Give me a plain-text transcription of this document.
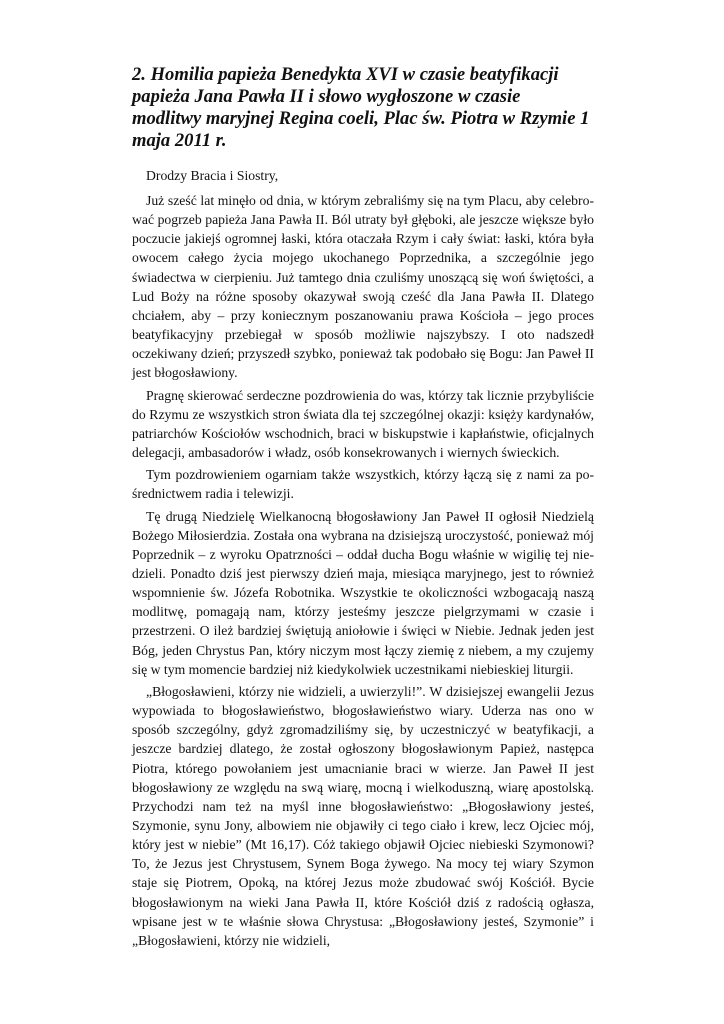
2. Homilia papieża Benedykta XVI w czasie beatyfikacji papieża Jana Pawła II i słowo wygłoszone w czasie modlitwy maryjnej Regina coeli, Plac św. Piotra w Rzymie 1 maja 2011 r.

Drodzy Bracia i Siostry,

Już sześć lat minęło od dnia, w którym zebraliśmy się na tym Placu, aby celebrować pogrzeb papieża Jana Pawła II. Ból utraty był głęboki, ale jeszcze większe było poczucie jakiejś ogromnej łaski, która otaczała Rzym i cały świat: łaski, która była owocem całego życia mojego ukochanego Poprzednika, a szczególnie jego świadectwa w cierpieniu. Już tamtego dnia czuliśmy unoszącą się woń świętości, a Lud Boży na różne sposoby okazywał swoją cześć dla Jana Pawła II. Dlatego chciałem, aby – przy koniecznym poszanowaniu prawa Kościoła – jego proces beatyfikacyjny przebiegał w sposób możliwie najszybszy. I oto nadszedł oczekiwany dzień; przyszedł szybko, ponieważ tak podobało się Bogu: Jan Paweł II jest błogosławiony.

Pragnę skierować serdeczne pozdrowienia do was, którzy tak licznie przybyliście do Rzymu ze wszystkich stron świata dla tej szczególnej okazji: księży kardynałów, patriarchów Kościołów wschodnich, braci w biskupstwie i kapłaństwie, oficjalnych delegacji, ambasadorów i władz, osób konsekrowanych i wiernych świeckich.

Tym pozdrowieniem ogarniam także wszystkich, którzy łączą się z nami za pośrednictwem radia i telewizji.

Tę drugą Niedzielę Wielkanocną błogosławiony Jan Paweł II ogłosił Niedzielą Bożego Miłosierdzia. Została ona wybrana na dzisiejszą uroczystość, ponieważ mój Poprzednik – z wyroku Opatrzności – oddał ducha Bogu właśnie w wigilię tej niedzieli. Ponadto dziś jest pierwszy dzień maja, miesiąca maryjnego, jest to również wspomnienie św. Józefa Robotnika. Wszystkie te okoliczności wzbogacają naszą modlitwę, pomagają nam, którzy jesteśmy jeszcze pielgrzymami w czasie i przestrzeni. O ileż bardziej świętują aniołowie i święci w Niebie. Jednak jeden jest Bóg, jeden Chrystus Pan, który niczym most łączy ziemię z niebem, a my czujemy się w tym momencie bardziej niż kiedykolwiek uczestnikami niebieskiej liturgii.

„Błogosławieni, którzy nie widzieli, a uwierzyli!”. W dzisiejszej ewangelii Jezus wypowiada to błogosławieństwo, błogosławieństwo wiary. Uderza nas ono w sposób szczególny, gdyż zgromadziliśmy się, by uczestniczyć w beatyfikacji, a jeszcze bardziej dlatego, że został ogłoszony błogosławionym Papież, następca Piotra, którego powołaniem jest umacnianie braci w wierze. Jan Paweł II jest błogosławiony ze względu na swą wiarę, mocną i wielkoduszną, wiarę apostolską. Przychodzi nam też na myśl inne błogosławieństwo: „Błogosławiony jesteś, Szymonie, synu Jony, albowiem nie objawiły ci tego ciało i krew, lecz Ojciec mój, który jest w niebie” (Mt 16,17). Cóż takiego objawił Ojciec niebieski Szymonowi? To, że Jezus jest Chrystusem, Synem Boga żywego. Na mocy tej wiary Szymon staje się Piotrem, Opoką, na której Jezus może zbudować swój Kościół. Bycie błogosławionym na wieki Jana Pawła II, które Kościół dziś z radością ogłasza, wpisane jest w te właśnie słowa Chrystusa: „Błogosławiony jesteś, Szymonie” i „Błogosławieni, którzy nie widzieli,
